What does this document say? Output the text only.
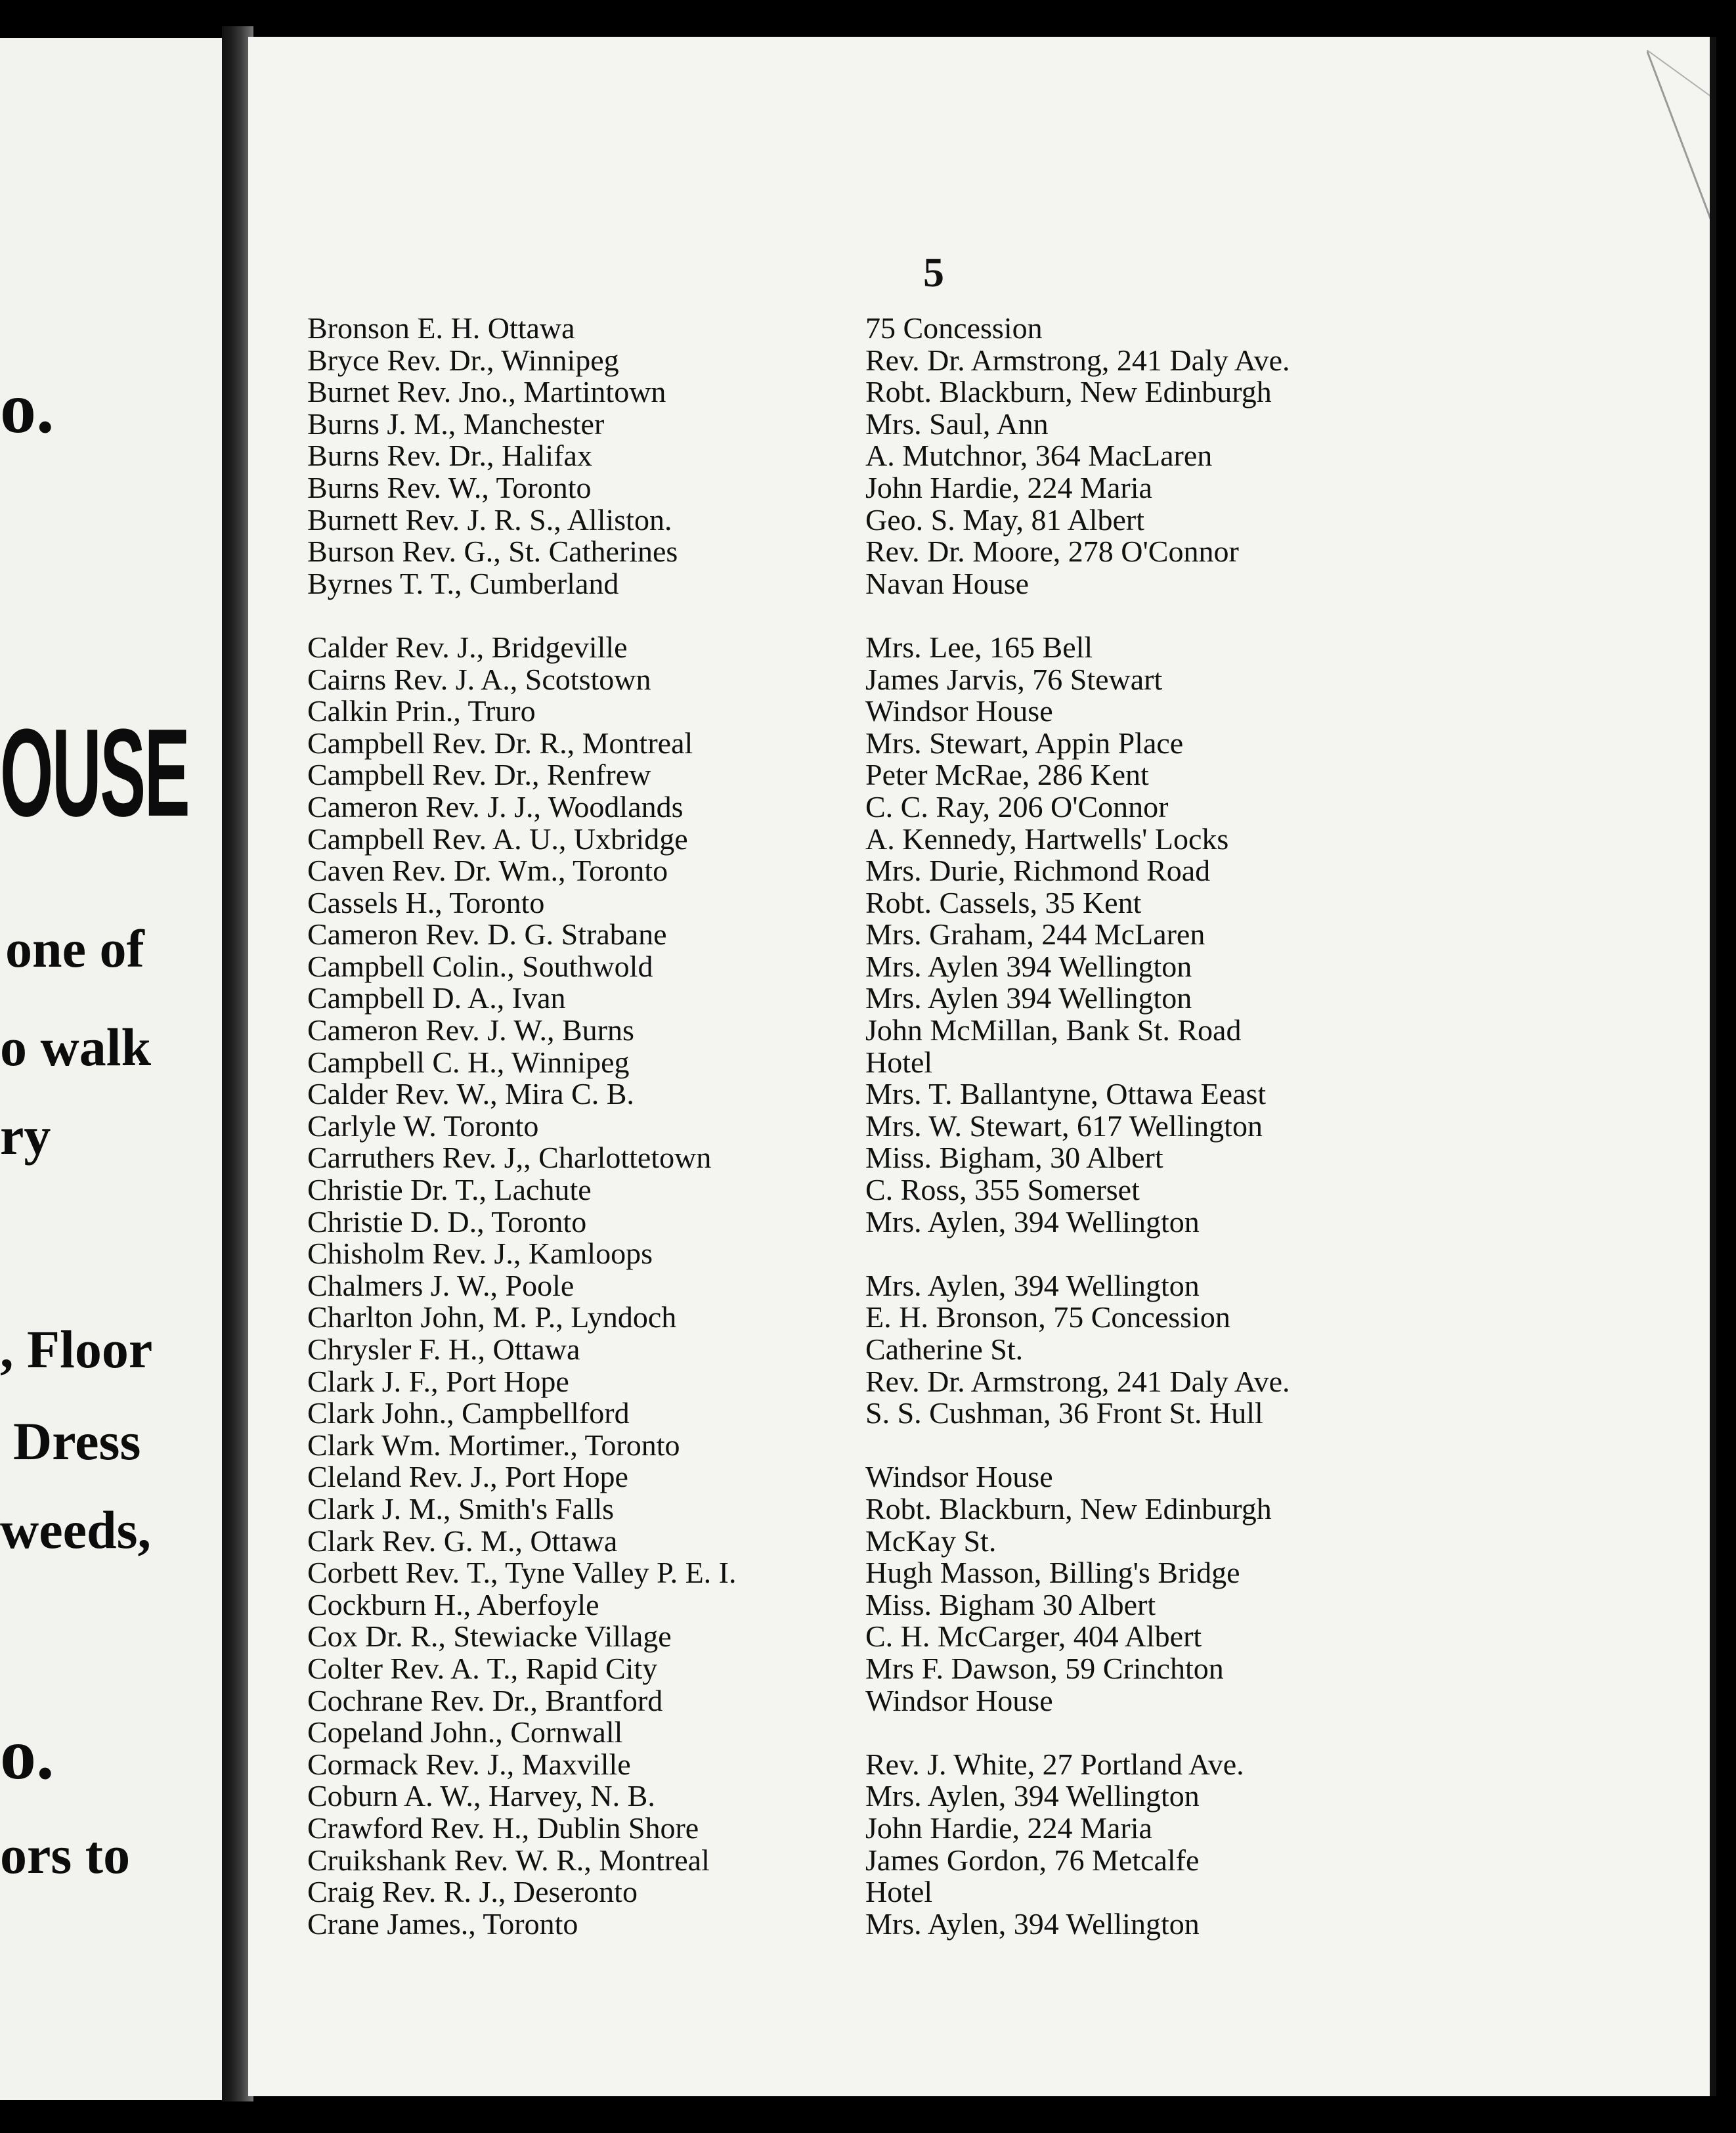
o.
OUSE
one of
o walk
ry
, Floor
Dress
weeds,
o.
ors to
5
Bronson E. H. Ottawa
Bryce Rev. Dr., Winnipeg
Burnet Rev. Jno., Martintown
Burns J. M., Manchester
Burns Rev. Dr., Halifax
Burns Rev. W., Toronto
Burnett Rev. J. R. S., Alliston.
Burson Rev. G., St. Catherines
Byrnes T. T., Cumberland
Calder Rev. J., Bridgeville
Cairns Rev. J. A., Scotstown
Calkin Prin., Truro
Campbell Rev. Dr. R., Montreal
Campbell Rev. Dr., Renfrew
Cameron Rev. J. J., Woodlands
Campbell Rev. A. U., Uxbridge
Caven Rev. Dr. Wm., Toronto
Cassels H., Toronto
Cameron Rev. D. G. Strabane
Campbell Colin., Southwold
Campbell D. A., Ivan
Cameron Rev. J. W., Burns
Campbell C. H., Winnipeg
Calder Rev. W., Mira C. B.
Carlyle W. Toronto
Carruthers Rev. J,, Charlottetown
Christie Dr. T., Lachute
Christie D. D., Toronto
Chisholm Rev. J., Kamloops
Chalmers J. W., Poole
Charlton John, M. P., Lyndoch
Chrysler F. H., Ottawa
Clark J. F., Port Hope
Clark John., Campbellford
Clark Wm. Mortimer., Toronto
Cleland Rev. J., Port Hope
Clark J. M., Smith's Falls
Clark Rev. G. M., Ottawa
Corbett Rev. T., Tyne Valley P. E. I.
Cockburn H., Aberfoyle
Cox Dr. R., Stewiacke Village
Colter Rev. A. T., Rapid City
Cochrane Rev. Dr., Brantford
Copeland John., Cornwall
Cormack Rev. J., Maxville
Coburn A. W., Harvey, N. B.
Crawford Rev. H., Dublin Shore
Cruikshank Rev. W. R., Montreal
Craig Rev. R. J., Deseronto
Crane James., Toronto
75 Concession
Rev. Dr. Armstrong, 241 Daly Ave.
Robt. Blackburn, New Edinburgh
Mrs. Saul, Ann
A. Mutchnor, 364 MacLaren
John Hardie, 224 Maria
Geo. S. May, 81 Albert
Rev. Dr. Moore, 278 O'Connor
Navan House
Mrs. Lee, 165 Bell
James Jarvis, 76 Stewart
Windsor House
Mrs. Stewart, Appin Place
Peter McRae, 286 Kent
C. C. Ray, 206 O'Connor
A. Kennedy, Hartwells' Locks
Mrs. Durie, Richmond Road
Robt. Cassels, 35 Kent
Mrs. Graham, 244 McLaren
Mrs. Aylen 394 Wellington
Mrs. Aylen 394 Wellington
John McMillan, Bank St. Road
Hotel
Mrs. T. Ballantyne, Ottawa Eeast
Mrs. W. Stewart, 617 Wellington
Miss. Bigham, 30 Albert
C. Ross, 355 Somerset
Mrs. Aylen, 394 Wellington
Mrs. Aylen, 394 Wellington
E. H. Bronson, 75 Concession
Catherine St.
Rev. Dr. Armstrong, 241 Daly Ave.
S. S. Cushman, 36 Front St. Hull
Windsor House
Robt. Blackburn, New Edinburgh
McKay St.
Hugh Masson, Billing's Bridge
Miss. Bigham 30 Albert
C. H. McCarger, 404 Albert
Mrs F. Dawson, 59 Crinchton
Windsor House
Rev. J. White, 27 Portland Ave.
Mrs. Aylen, 394 Wellington
John Hardie, 224 Maria
James Gordon, 76 Metcalfe
Hotel
Mrs. Aylen, 394 Wellington
